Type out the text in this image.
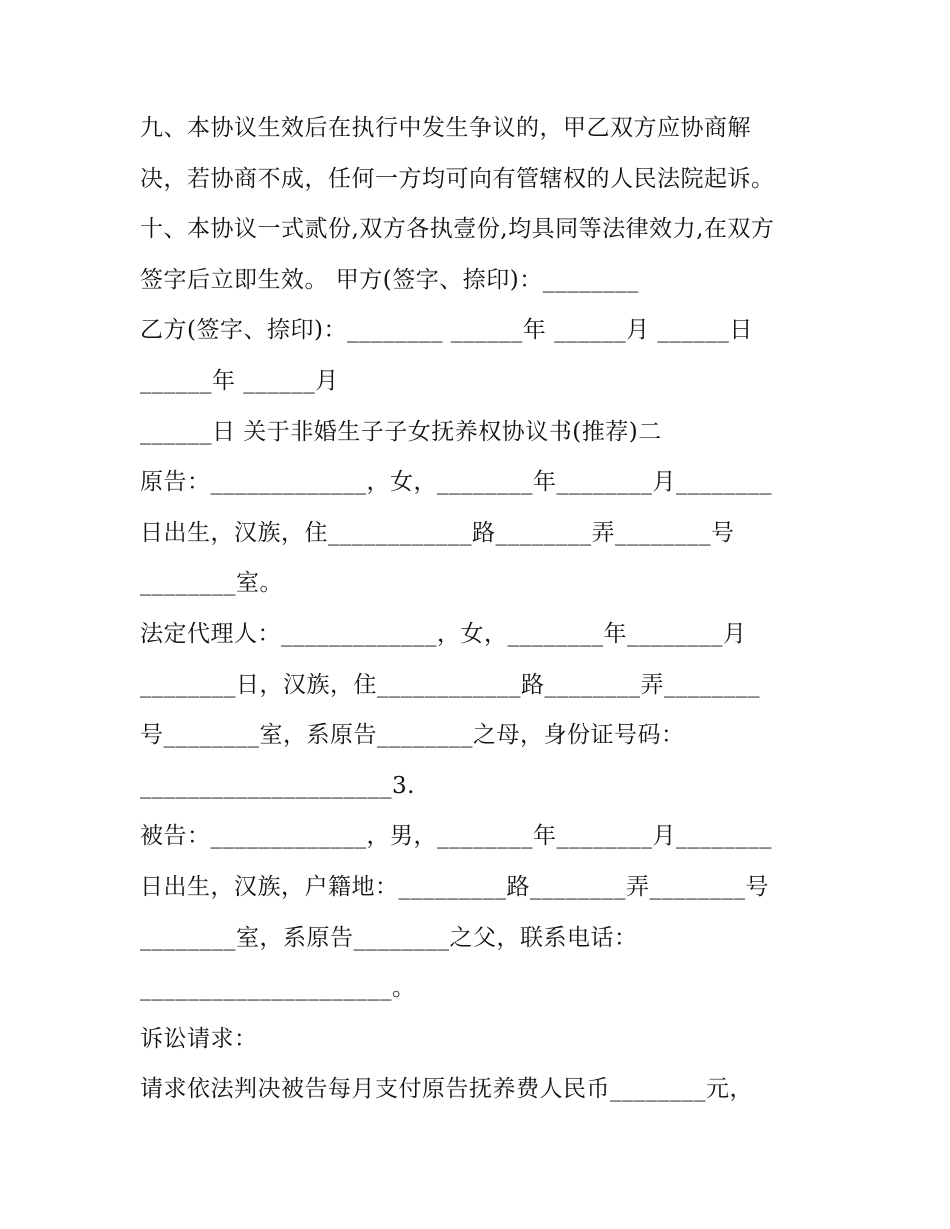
九、本协议生效后在执行中发生争议的，甲乙双方应协商解
决，若协商不成，任何一方均可向有管辖权的人民法院起诉。
十、本协议一式贰份,双方各执壹份,均具同等法律效力,在双方
签字后立即生效。 甲方(签字、捺印)：________
乙方(签字、捺印)：________ ______年 ______月 ______日
______年 ______月
______日 关于非婚生子子女抚养权协议书(推荐)二
原告：_____________，女，________年________月________
日出生，汉族，住____________路________弄________号
________室。
法定代理人：_____________，女，________年________月
________日，汉族，住____________路________弄________
号________室，系原告________之母，身份证号码：
_____________________3.
被告：_____________，男，________年________月________
日出生，汉族，户籍地：_________路________弄________号
________室，系原告________之父，联系电话：
_____________________。
诉讼请求：
请求依法判决被告每月支付原告抚养费人民币________元，
